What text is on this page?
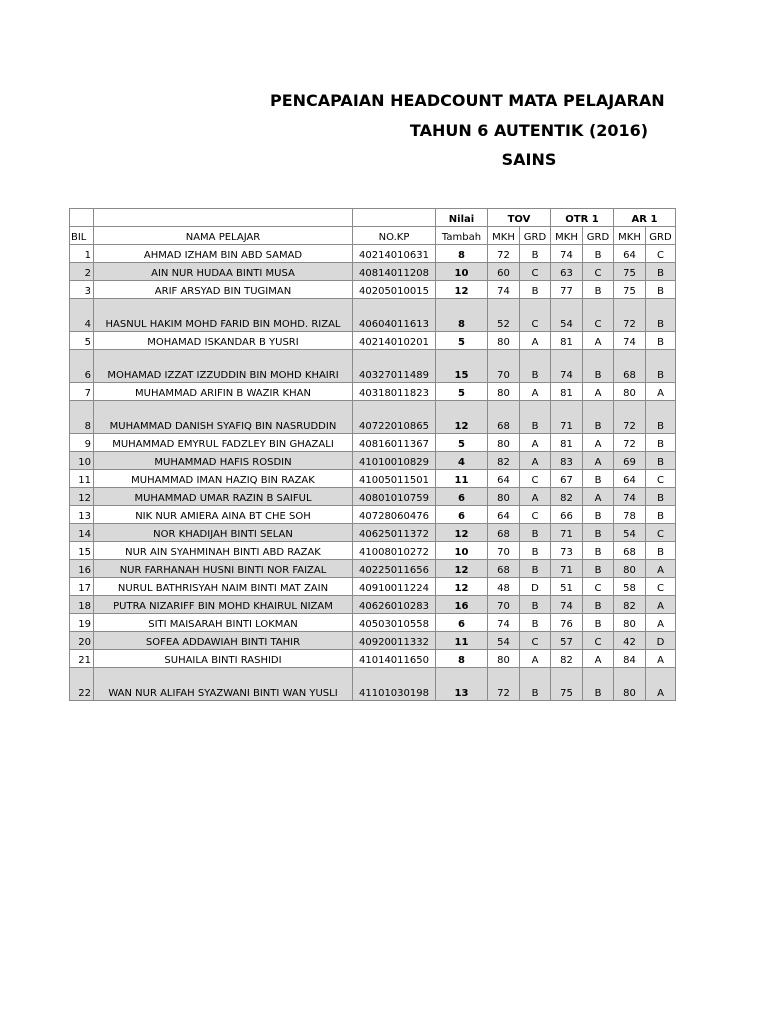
PENCAPAIAN HEADCOUNT MATA PELAJARAN
TAHUN 6 AUTENTIK (2016)
SAINS
			Nilai	TOV		OTR 1		AR 1	
BIL	NAMA PELAJAR	NO.KP	Tambah	MKH	GRD	MKH	GRD	MKH	GRD
1	AHMAD IZHAM BIN ABD SAMAD	40214010631	8	72	B	74	B	64	C
2	AIN NUR HUDAA BINTI MUSA	40814011208	10	60	C	63	C	75	B
3	ARIF ARSYAD BIN TUGIMAN	40205010015	12	74	B	77	B	75	B
4	HASNUL HAKIM MOHD FARID BIN MOHD. RIZAL	40604011613	8	52	C	54	C	72	B
5	MOHAMAD ISKANDAR B YUSRI	40214010201	5	80	A	81	A	74	B
6	MOHAMAD IZZAT IZZUDDIN BIN MOHD KHAIRI	40327011489	15	70	B	74	B	68	B
7	MUHAMMAD ARIFIN B WAZIR KHAN	40318011823	5	80	A	81	A	80	A
8	MUHAMMAD DANISH SYAFIQ BIN NASRUDDIN	40722010865	12	68	B	71	B	72	B
9	MUHAMMAD EMYRUL FADZLEY BIN GHAZALI	40816011367	5	80	A	81	A	72	B
10	MUHAMMAD HAFIS ROSDIN	41010010829	4	82	A	83	A	69	B
11	MUHAMMAD IMAN HAZIQ BIN RAZAK	41005011501	11	64	C	67	B	64	C
12	MUHAMMAD UMAR RAZIN B SAIFUL	40801010759	6	80	A	82	A	74	B
13	NIK NUR AMIERA AINA BT CHE SOH	40728060476	6	64	C	66	B	78	B
14	NOR KHADIJAH BINTI SELAN	40625011372	12	68	B	71	B	54	C
15	NUR AIN SYAHMINAH BINTI ABD RAZAK	41008010272	10	70	B	73	B	68	B
16	NUR FARHANAH HUSNI BINTI NOR FAIZAL	40225011656	12	68	B	71	B	80	A
17	NURUL BATHRISYAH NAIM BINTI MAT ZAIN	40910011224	12	48	D	51	C	58	C
18	PUTRA NIZARIFF BIN MOHD KHAIRUL NIZAM	40626010283	16	70	B	74	B	82	A
19	SITI MAISARAH BINTI LOKMAN	40503010558	6	74	B	76	B	80	A
20	SOFEA ADDAWIAH BINTI TAHIR	40920011332	11	54	C	57	C	42	D
21	SUHAILA BINTI RASHIDI	41014011650	8	80	A	82	A	84	A
22	WAN NUR ALIFAH SYAZWANI BINTI WAN YUSLI	41101030198	13	72	B	75	B	80	A
